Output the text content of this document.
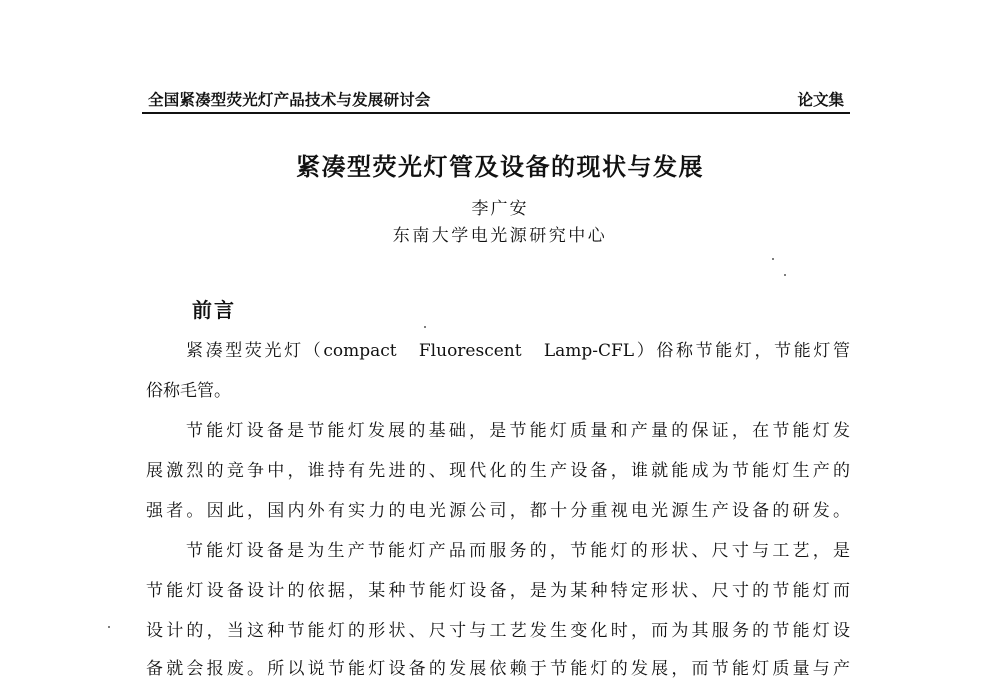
全国紧凑型荧光灯产品技术与发展研讨会	论文集
紧凑型荧光灯管及设备的现状与发展
李广安
东南大学电光源研究中心
前言
紧凑型荧光灯（compact　Fluorescent　Lamp-CFL）俗称节能灯，节能灯管
俗称毛管。
节能灯设备是节能灯发展的基础，是节能灯质量和产量的保证，在节能灯发
展激烈的竞争中，谁持有先进的、现代化的生产设备，谁就能成为节能灯生产的
强者。因此，国内外有实力的电光源公司，都十分重视电光源生产设备的研发。
节能灯设备是为生产节能灯产品而服务的，节能灯的形状、尺寸与工艺，是
节能灯设备设计的依据，某种节能灯设备，是为某种特定形状、尺寸的节能灯而
设计的，当这种节能灯的形状、尺寸与工艺发生变化时，而为其服务的节能灯设
备就会报废。所以说节能灯设备的发展依赖于节能灯的发展，而节能灯质量与产
